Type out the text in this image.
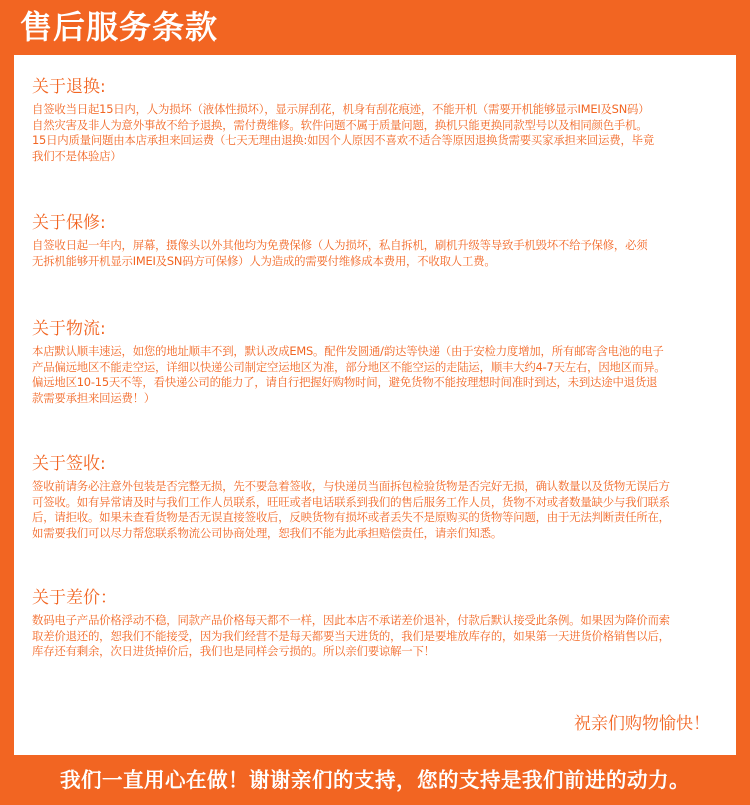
售后服务条款
关于退换:
自签收当日起15日内，人为损坏（液体性损坏），显示屏刮花，机身有刮花痕迹，不能开机（需要开机能够显示IMEI及SN码）
自然灾害及非人为意外事故不给予退换，需付费维修。软件问题不属于质量问题，换机只能更换同款型号以及相同颜色手机。
15日内质量问题由本店承担来回运费（七天无理由退换:如因个人原因不喜欢不适合等原因退换货需要买家承担来回运费，毕竟
我们不是体验店）
关于保修:
自签收日起一年内，屏幕，摄像头以外其他均为免费保修（人为损坏，私自拆机，刷机升级等导致手机毁坏不给予保修，必须
无拆机能够开机显示IMEI及SN码方可保修）人为造成的需要付维修成本费用，不收取人工费。
关于物流:
本店默认顺丰速运，如您的地址顺丰不到，默认改成EMS。配件发圆通/韵达等快递（由于安检力度增加，所有邮寄含电池的电子
产品偏远地区不能走空运，详细以快递公司制定空运地区为准，部分地区不能空运的走陆运，顺丰大约4-7天左右，因地区而异。
偏远地区10-15天不等，看快递公司的能力了，请自行把握好购物时间，避免货物不能按理想时间准时到达，未到达途中退货退
款需要承担来回运费！）
关于签收:
签收前请务必注意外包装是否完整无损，先不要急着签收，与快递员当面拆包检验货物是否完好无损，确认数量以及货物无误后方
可签收。如有异常请及时与我们工作人员联系，旺旺或者电话联系到我们的售后服务工作人员，货物不对或者数量缺少与我们联系
后，请拒收。如果未查看货物是否无误直接签收后，反映货物有损坏或者丢失不是原购买的货物等问题，由于无法判断责任所在，
如需要我们可以尽力帮您联系物流公司协商处理，恕我们不能为此承担赔偿责任，请亲们知悉。
关于差价：
数码电子产品价格浮动不稳，同款产品价格每天都不一样，因此本店不承诺差价退补，付款后默认接受此条例。如果因为降价而索
取差价退还的，恕我们不能接受，因为我们经营不是每天都要当天进货的，我们是要堆放库存的，如果第一天进货价格销售以后，
库存还有剩余，次日进货掉价后，我们也是同样会亏损的。所以亲们要谅解一下！
祝亲们购物愉快！
我们一直用心在做！谢谢亲们的支持，您的支持是我们前进的动力。
